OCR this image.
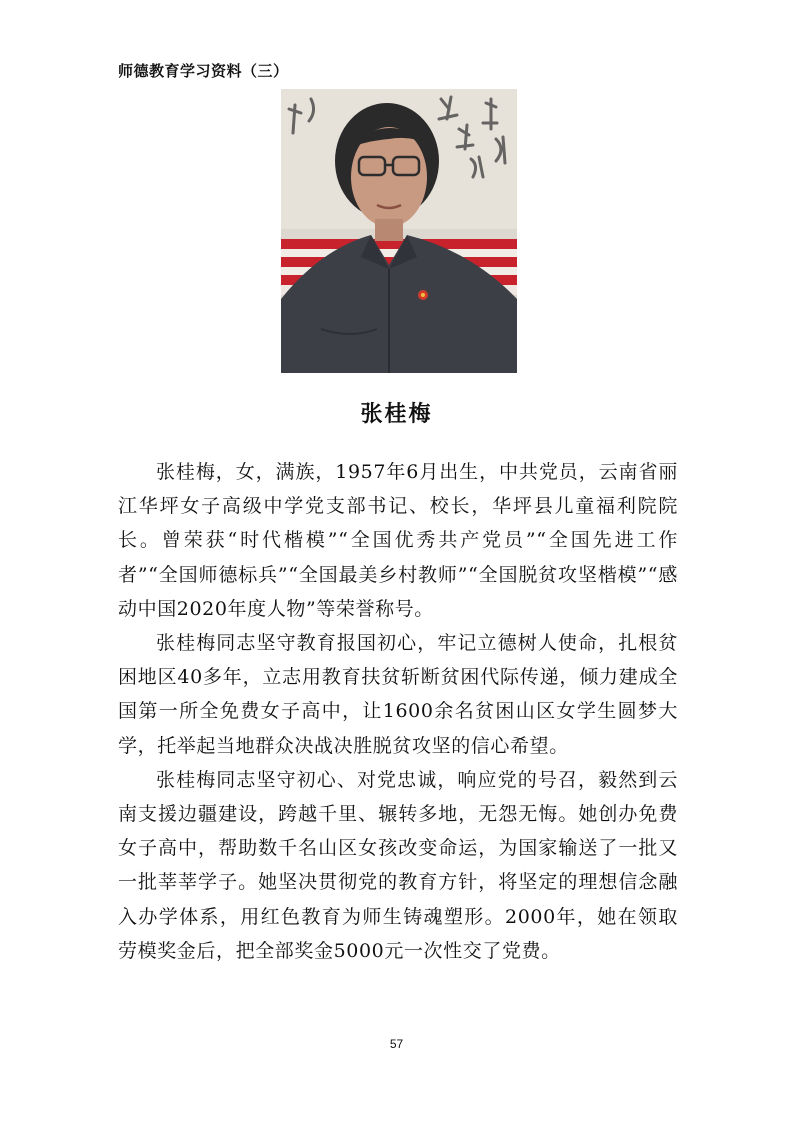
师德教育学习资料（三）
张桂梅

张桂梅，女，满族，1957年6月出生，中共党员，云南省丽江华坪女子高级中学党支部书记、校长，华坪县儿童福利院院长。曾荣获“时代楷模”“全国优秀共产党员”“全国先进工作者”“全国师德标兵”“全国最美乡村教师”“全国脱贫攻坚楷模”“感动中国2020年度人物”等荣誉称号。

张桂梅同志坚守教育报国初心，牢记立德树人使命，扎根贫困地区40多年，立志用教育扶贫斩断贫困代际传递，倾力建成全国第一所全免费女子高中，让1600余名贫困山区女学生圆梦大学，托举起当地群众决战决胜脱贫攻坚的信心希望。

张桂梅同志坚守初心、对党忠诚，响应党的号召，毅然到云南支援边疆建设，跨越千里、辗转多地，无怨无悔。她创办免费女子高中，帮助数千名山区女孩改变命运，为国家输送了一批又一批莘莘学子。她坚决贯彻党的教育方针，将坚定的理想信念融入办学体系，用红色教育为师生铸魂塑形。2000年，她在领取劳模奖金后，把全部奖金5000元一次性交了党费。

57
